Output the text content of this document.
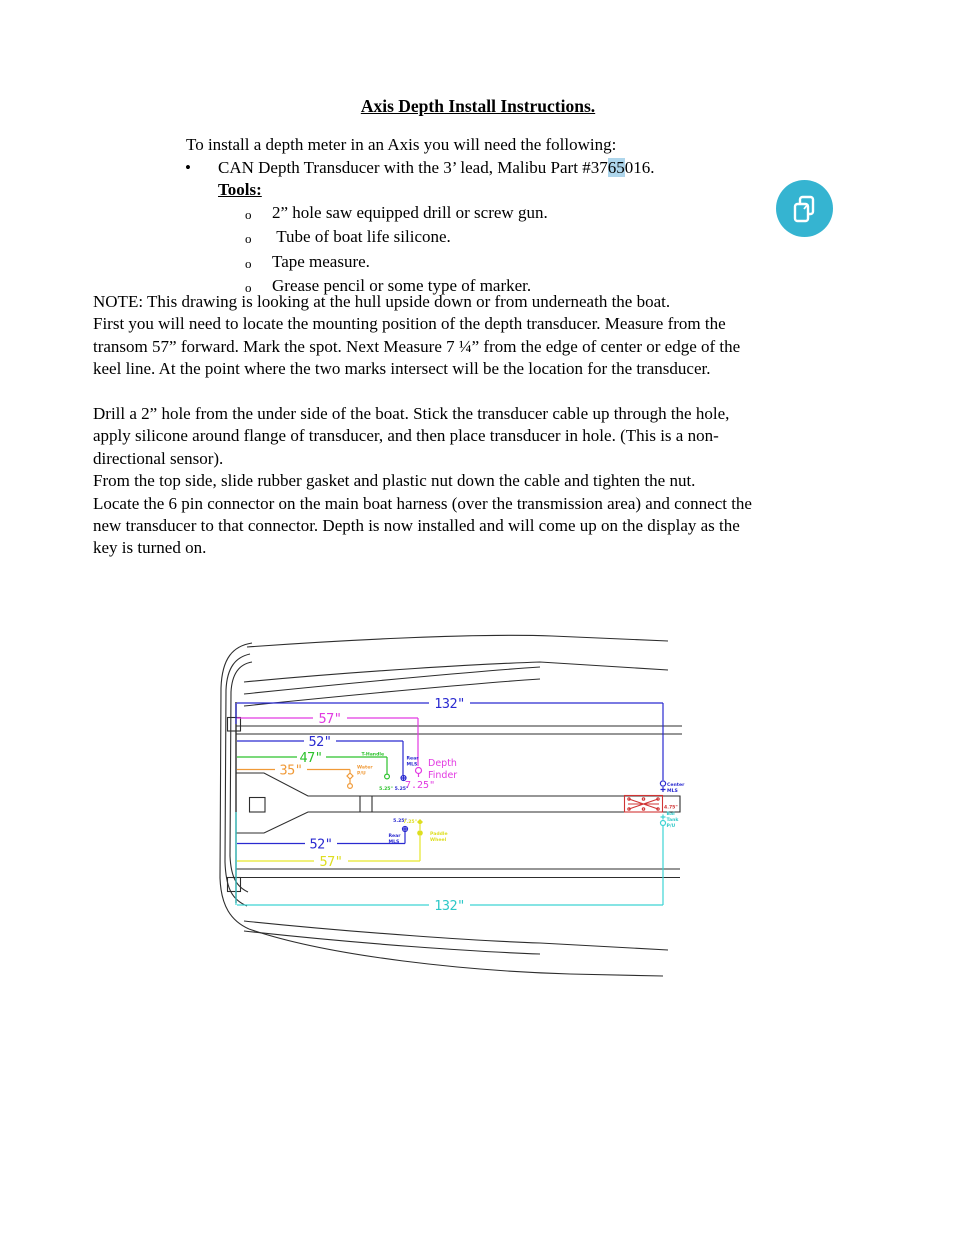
Axis Depth Install Instructions.
To install a depth meter in an Axis you will need the following:
•	CAN Depth Transducer with the 3’ lead, Malibu Part #3765016.
Tools:
o	2” hole saw equipped drill or screw gun.
o	Tube of boat life silicone.
o	Tape measure.
o	Grease pencil or some type of marker.
NOTE: This drawing is looking at the hull upside down or from underneath the boat.
First you will need to locate the mounting position of the depth transducer. Measure from the
transom 57” forward. Mark the spot. Next Measure 7 ¼” from the edge of center or edge of the
keel line. At the point where the two marks intersect will be the location for the transducer.
Drill a 2” hole from the under side of the boat. Stick the transducer cable up through the hole,
apply silicone around flange of transducer, and then place transducer in hole. (This is a non-
directional sensor).
From the top side, slide rubber gasket and plastic nut down the cable and tighten the nut.
Locate the 6 pin connector on the main boat harness (over the transmission area) and connect the
new transducer to that connector. Depth is now installed and will come up on the display as the
key is turned on.
4.75"
132"
Center
MLS
57"
Depth
Finder
7.25"
52"
Rear
MLS
5.25"
47"	T-Handle
5.25"
35"	Water
P/U
52"
5.25"
Rear
MLS
57"
7.25"
Paddle
Wheel
132"
Bal
Tank
P/U
